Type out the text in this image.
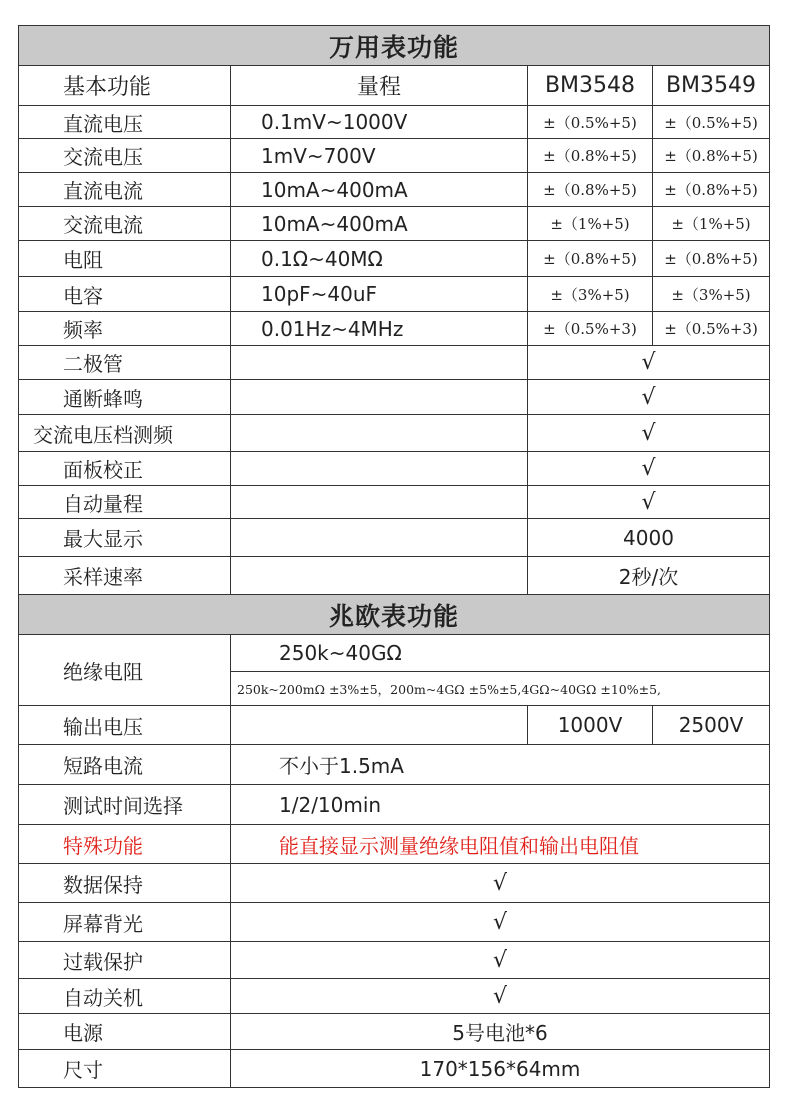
万用表功能			
基本功能	量程	BM3548	BM3549
直流电压	0.1mV~1000V	±（0.5%+5)	±（0.5%+5)
交流电压	1mV~700V	±（0.8%+5)	±（0.8%+5)
直流电流	10mA~400mA	±（0.8%+5)	±（0.8%+5)
交流电流	10mA~400mA	±（1%+5)	±（1%+5)
电阻	0.1Ω~40MΩ	±（0.8%+5)	±（0.8%+5)
电容	10pF~40uF	±（3%+5)	±（3%+5)
频率	0.01Hz~4MHz	±（0.5%+3)	±（0.5%+3)
二极管		√	
通断蜂鸣		√	
交流电压档测频		√	
面板校正		√	
自动量程		√	
最大显示		4000	
采样速率		2秒/次	
兆欧表功能			
绝缘电阻	250k~40GΩ		
	250k~200mΩ ±3%±5，200m~4GΩ ±5%±5,4GΩ~40GΩ ±10%±5,		
输出电压		1000V	2500V
短路电流	不小于1.5mA		
测试时间选择	1/2/10min		
特殊功能	能直接显示测量绝缘电阻值和输出电阻值		
数据保持	√		
屏幕背光	√		
过载保护	√		
自动关机	√		
电源	5号电池*6		
尺寸	170*156*64mm		
